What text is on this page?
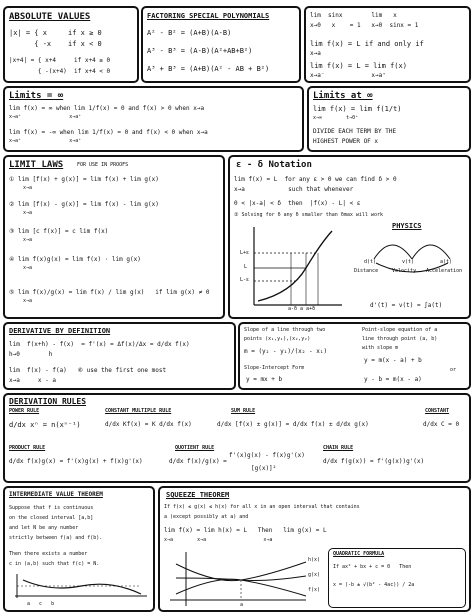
ABSOLUTE VALUES
|x| = { x     if x ≥ 0
{ -x    if x < 0
|x+4| = { x+4     if x+4 ≥ 0
{ -(x+4)  if x+4 < 0
FACTORING SPECIAL POLYNOMIALS
A² - B² = (A+B)(A-B)
A³ - B³ = (A-B)(A²+AB+B²)
A³ + B³ = (A+B)(A² - AB + B²)
lim  sinx        lim   x
x→0   x    = 1   x→0  sinx = 1
lim f(x) = L if and only if
x→a
lim f(x) = L = lim f(x)
x→a⁻             x→a⁺
Limits = ∞
lim f(x) = ∞ when lim 1/f(x) = 0 and f(x) > 0 when x→a
x→a⁺                x→a⁺
lim f(x) = -∞ when lim 1/f(x) = 0 and f(x) < 0 when x→a
x→a⁺                x→a⁺
Limits at ∞
lim f(x) = lim f(1/t)
x→∞        t→0⁺
DIVIDE EACH TERM BY THE
HIGHEST POWER OF x
LIMIT LAWS	FOR USE IN PROOFS
① lim [f(x) + g(x)] = lim f(x) + lim g(x)
x→a
② lim [f(x) - g(x)] = lim f(x) - lim g(x)
x→a
③ lim [c f(x)] = c lim f(x)
x→a
④ lim f(x)g(x) = lim f(x) · lim g(x)
x→a
⑤ lim f(x)/g(x) = lim f(x) / lim g(x)   if lim g(x) ≠ 0
x→a
ε - δ Notation
lim f(x) = L  for any ε > 0 we can find δ > 0
x→a            such that whenever
0 < |x-a| < δ  then  |f(x) - L| < ε
② Solving for δ any δ smaller than δmax will work
L+ε
L
L-ε
a-δ a a+δ
PHYSICS
d(t)	v(t)	a(t)
Distance	Velocity Acceleration
d'(t) = v(t) = ∫a(t)
DERIVATIVE BY DEFINITION
lim  f(x+h) - f(x)  = f'(x) = Δf(x)/Δx = d/dx f(x)
h→0        h
lim  f(x) - f(a)   ⑥ use the first one most
x→a     x - a
Slope of a line through two
points (x₁,y₁),(x₂,y₂)
m = (y₂ - y₁)/(x₂ - x₁)
Slope-Intercept Form
y = mx + b
Point-slope equation of a
line through point (a, b)
with slope m
y = m(x - a) + b
or
y - b = m(x - a)
DERIVATION RULES
POWER RULE
d/dx xⁿ = n(xⁿ⁻¹)
CONSTANT MULTIPLE RULE
d/dx Kf(x) = K d/dx f(x)
SUM RULE
d/dx [f(x) ± g(x)] = d/dx f(x) ± d/dx g(x)
CONSTANT
d/dx C = 0
PRODUCT RULE
d/dx f(x)g(x) = f'(x)g(x) + f(x)g'(x)
QUOTIENT RULE
d/dx f(x)/g(x) =
f'(x)g(x) - f(x)g'(x)
[g(x)]²
CHAIN RULE
d/dx f(g(x)) = f'(g(x))g'(x)
INTERMEDIATE VALUE THEOREM
Suppose that f is continuous
on the closed interval [a,b]
and let N be any number
strictly between f(a) and f(b).
Then there exists a number
c in (a,b) such that f(c) = N.
a   c   b
SQUEEZE THEOREM
If f(x) ≤ g(x) ≤ h(x) for all x in an open interval that contains
a (except possibly at a) and
lim f(x) = lim h(x) = L   Then   lim g(x) = L
x→a        x→a                   x→a
h(x)
g(x)
f(x)
a
QUADRATIC FORMULA
If ax² + bx + c = 0   Then
x = (-b ± √(b² - 4ac)) / 2a
